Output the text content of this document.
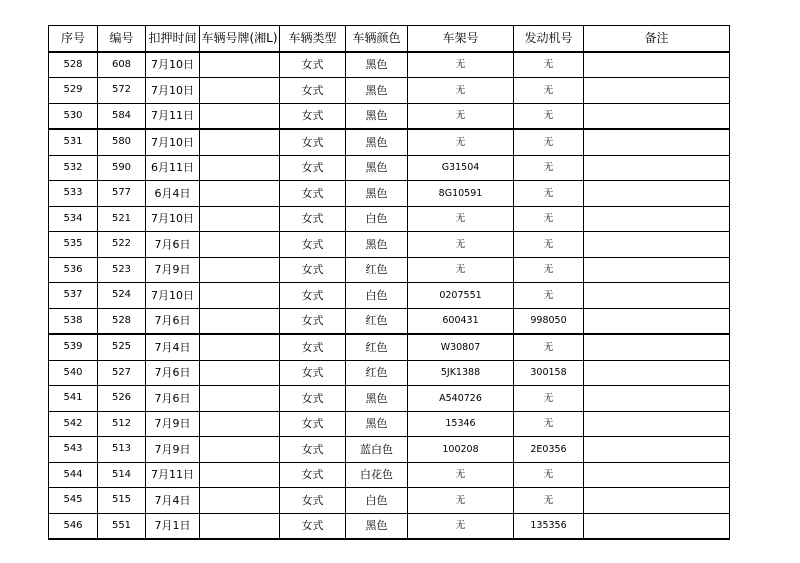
序号	编号	扣押时间	车辆号牌(湘L)	车辆类型	车辆颜色	车架号	发动机号	备注
528	608	7月10日		女式	黑色	无	无	
529	572	7月10日		女式	黑色	无	无	
530	584	7月11日		女式	黑色	无	无	
531	580	7月10日		女式	黑色	无	无	
532	590	6月11日		女式	黑色	G31504	无	
533	577	6月4日		女式	黑色	8G10591	无	
534	521	7月10日		女式	白色	无	无	
535	522	7月6日		女式	黑色	无	无	
536	523	7月9日		女式	红色	无	无	
537	524	7月10日		女式	白色	0207551	无	
538	528	7月6日		女式	红色	600431	998050	
539	525	7月4日		女式	红色	W30807	无	
540	527	7月6日		女式	红色	5JK1388	300158	
541	526	7月6日		女式	黑色	A540726	无	
542	512	7月9日		女式	黑色	15346	无	
543	513	7月9日		女式	蓝白色	100208	2E0356	
544	514	7月11日		女式	白花色	无	无	
545	515	7月4日		女式	白色	无	无	
546	551	7月1日		女式	黑色	无	135356	
